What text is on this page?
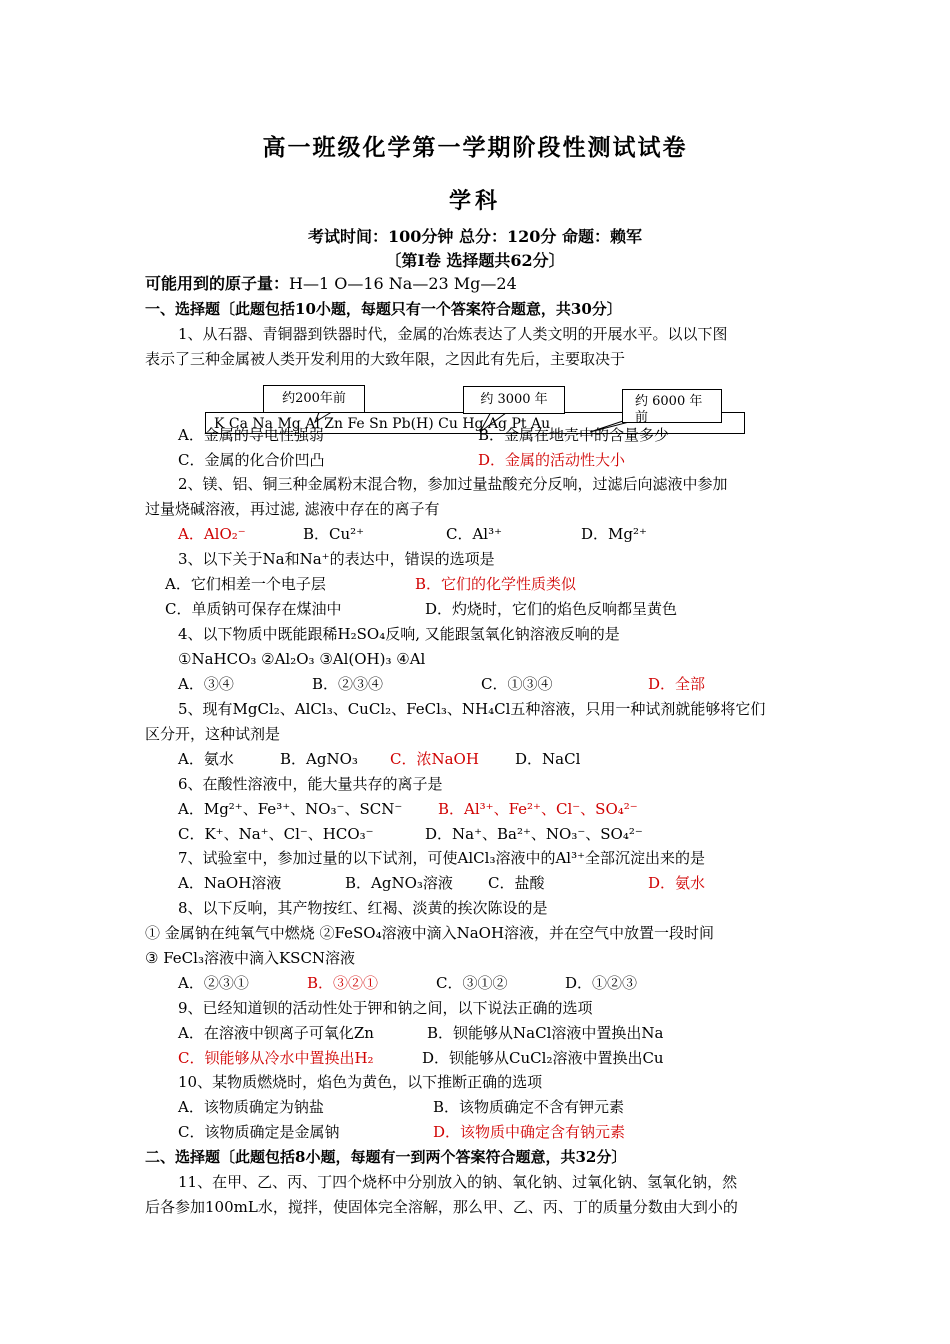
高一班级化学第一学期阶段性测试试卷
学科
考试时间：100分钟 总分：120分 命题：赖军
〔第I卷 选择题共62分〕
可能用到的原子量：H—1 O—16 Na—23 Mg—24
一、选择题〔此题包括10小题，每题只有一个答案符合题意，共30分〕
1、从石器、青铜器到铁器时代，金属的冶炼表达了人类文明的开展水平。以以下图
表示了三种金属被人类开发利用的大致年限，之因此有先后，主要取决于
K Ca Na Mg Al Zn Fe Sn Pb(H) Cu Hg Ag Pt Au
约200年前	约 3000 年	约 6000 年
前
A．金属的导电性强弱	B．金属在地壳中的含量多少
C．金属的化合价凹凸	D．金属的活动性大小
2、镁、铝、铜三种金属粉末混合物，参加过量盐酸充分反响，过滤后向滤液中参加
过量烧碱溶液，再过滤, 滤液中存在的离子有
A．AlO₂⁻	B．Cu²⁺	C．Al³⁺	D．Mg²⁺
3、以下关于Na和Na⁺的表达中，错误的选项是
A．它们相差一个电子层	B．它们的化学性质类似
C．单质钠可保存在煤油中	D．灼烧时，它们的焰色反响都呈黄色
4、以下物质中既能跟稀H₂SO₄反响, 又能跟氢氧化钠溶液反响的是
①NaHCO₃ ②Al₂O₃ ③Al(OH)₃ ④Al
A．③④	B．②③④	C．①③④	D．全部
5、现有MgCl₂、AlCl₃、CuCl₂、FeCl₃、NH₄Cl五种溶液，只用一种试剂就能够将它们
区分开，这种试剂是
A．氨水	B．AgNO₃ C．浓NaOH D．NaCl
6、在酸性溶液中，能大量共存的离子是
A．Mg²⁺、Fe³⁺、NO₃⁻、SCN⁻ B．Al³⁺、Fe²⁺、Cl⁻、SO₄²⁻
C．K⁺、Na⁺、Cl⁻、HCO₃⁻	D．Na⁺、Ba²⁺、NO₃⁻、SO₄²⁻
7、试验室中，参加过量的以下试剂，可使AlCl₃溶液中的Al³⁺全部沉淀出来的是
A．NaOH溶液	B．AgNO₃溶液 C．盐酸	D．氨水
8、以下反响，其产物按红、红褐、淡黄的挨次陈设的是
① 金属钠在纯氧气中燃烧 ②FeSO₄溶液中滴入NaOH溶液，并在空气中放置一段时间
③ FeCl₃溶液中滴入KSCN溶液
A．②③①	B．③②①	C．③①②	D．①②③
9、已经知道钡的活动性处于钾和钠之间，以下说法正确的选项
A．在溶液中钡离子可氧化Zn	B．钡能够从NaCl溶液中置换出Na
C．钡能够从冷水中置换出H₂	D．钡能够从CuCl₂溶液中置换出Cu
10、某物质燃烧时，焰色为黄色，以下推断正确的选项
A．该物质确定为钠盐	B．该物质确定不含有钾元素
C．该物质确定是金属钠	D．该物质中确定含有钠元素
二、选择题〔此题包括8小题，每题有一到两个答案符合题意，共32分〕
11、在甲、乙、丙、丁四个烧杯中分别放入的钠、氧化钠、过氧化钠、氢氧化钠，然
后各参加100mL水，搅拌，使固体完全溶解，那么甲、乙、丙、丁的质量分数由大到小的
